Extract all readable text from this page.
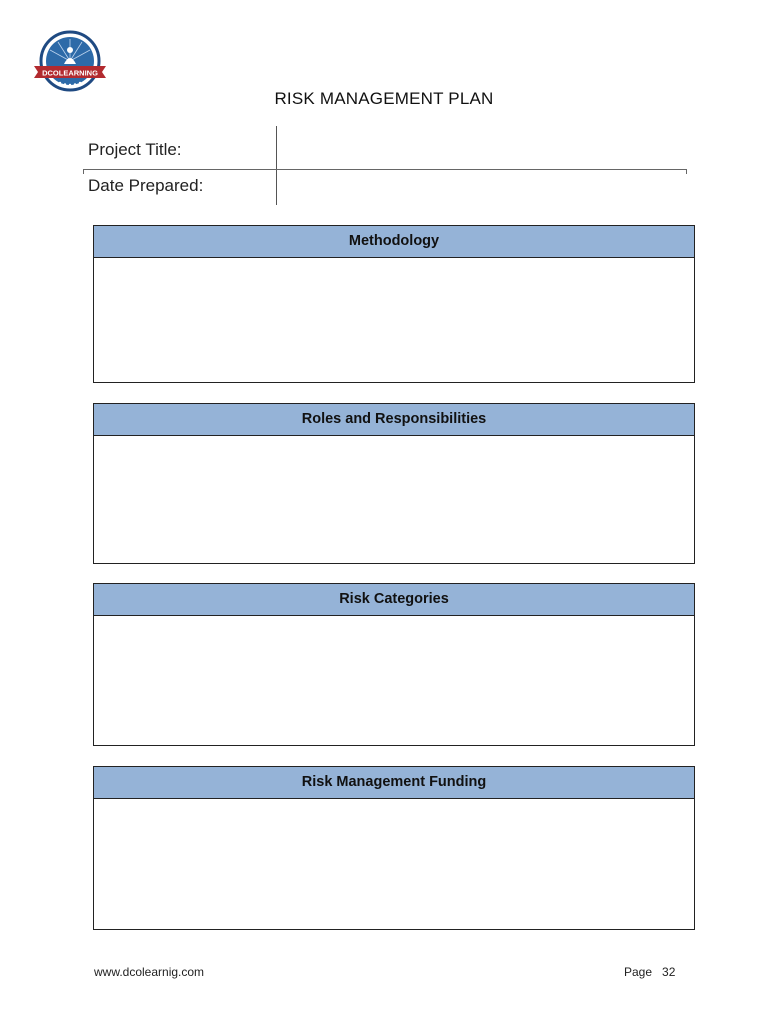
DCOLEARNING
RISK MANAGEMENT PLAN
Project Title:
Date Prepared:
Methodology
Roles and Responsibilities
Risk Categories
Risk Management Funding
www.dcolearnig.com	Page 32
